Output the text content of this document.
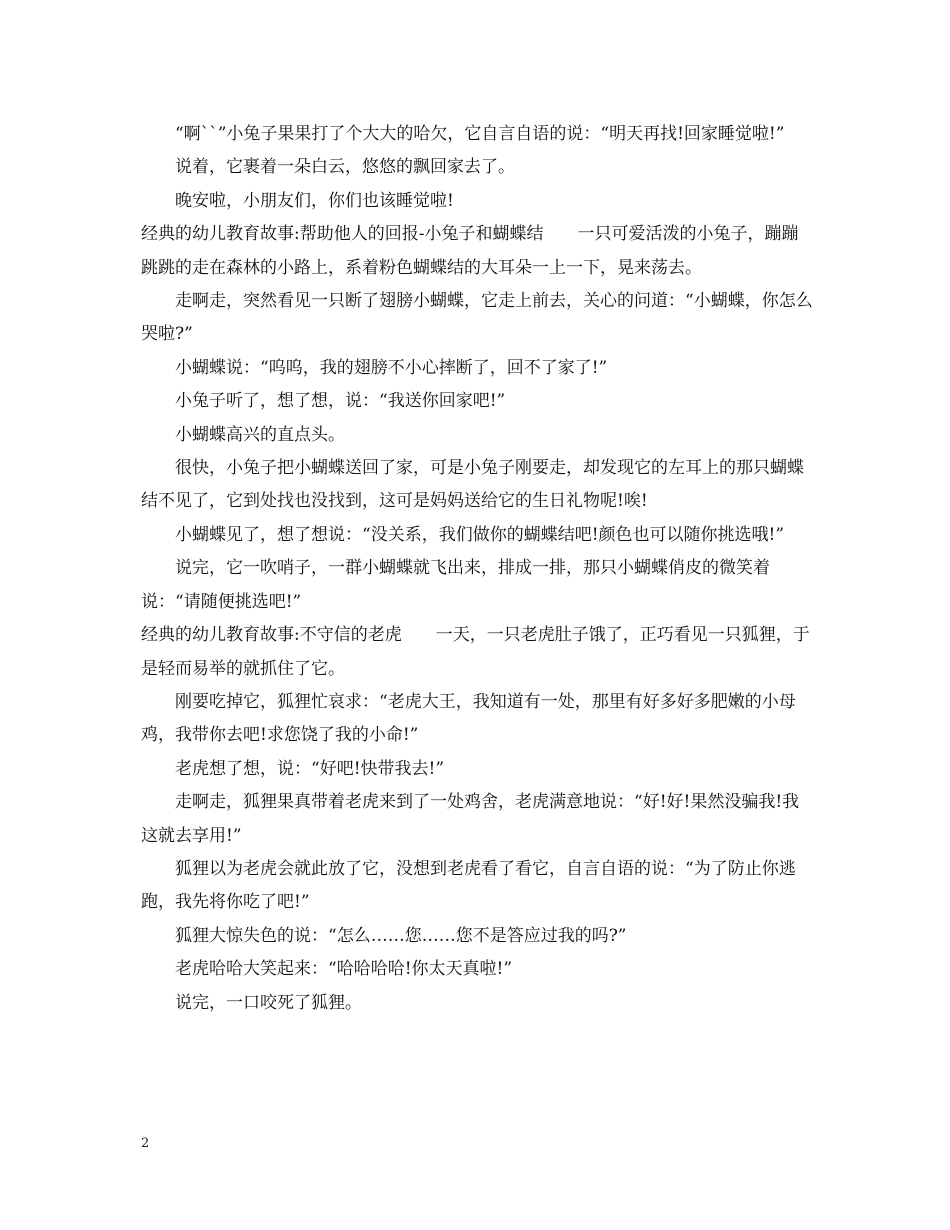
“啊``”小兔子果果打了个大大的哈欠，它自言自语的说：“明天再找!回家睡觉啦!”

说着，它裹着一朵白云，悠悠的飘回家去了。

晚安啦，小朋友们，你们也该睡觉啦!

经典的幼儿教育故事:帮助他人的回报-小兔子和蝴蝶结　　一只可爱活泼的小兔子，蹦蹦跳跳的走在森林的小路上，系着粉色蝴蝶结的大耳朵一上一下，晃来荡去。

走啊走，突然看见一只断了翅膀小蝴蝶，它走上前去，关心的问道：“小蝴蝶，你怎么哭啦?”

小蝴蝶说：“呜呜，我的翅膀不小心摔断了，回不了家了!”

小兔子听了，想了想，说：“我送你回家吧!”

小蝴蝶高兴的直点头。

很快，小兔子把小蝴蝶送回了家，可是小兔子刚要走，却发现它的左耳上的那只蝴蝶结不见了，它到处找也没找到，这可是妈妈送给它的生日礼物呢!唉!

小蝴蝶见了，想了想说：“没关系，我们做你的蝴蝶结吧!颜色也可以随你挑选哦!”

说完，它一吹哨子，一群小蝴蝶就飞出来，排成一排，那只小蝴蝶俏皮的微笑着说：“请随便挑选吧!”

经典的幼儿教育故事:不守信的老虎　　一天，一只老虎肚子饿了，正巧看见一只狐狸，于是轻而易举的就抓住了它。

刚要吃掉它，狐狸忙哀求：“老虎大王，我知道有一处，那里有好多好多肥嫩的小母鸡，我带你去吧!求您饶了我的小命!”

老虎想了想，说：“好吧!快带我去!”

走啊走，狐狸果真带着老虎来到了一处鸡舍，老虎满意地说：“好!好!果然没骗我!我这就去享用!”

狐狸以为老虎会就此放了它，没想到老虎看了看它，自言自语的说：“为了防止你逃跑，我先将你吃了吧!”

狐狸大惊失色的说：“怎么……您……您不是答应过我的吗?”

老虎哈哈大笑起来：“哈哈哈哈!你太天真啦!”

说完，一口咬死了狐狸。

2
